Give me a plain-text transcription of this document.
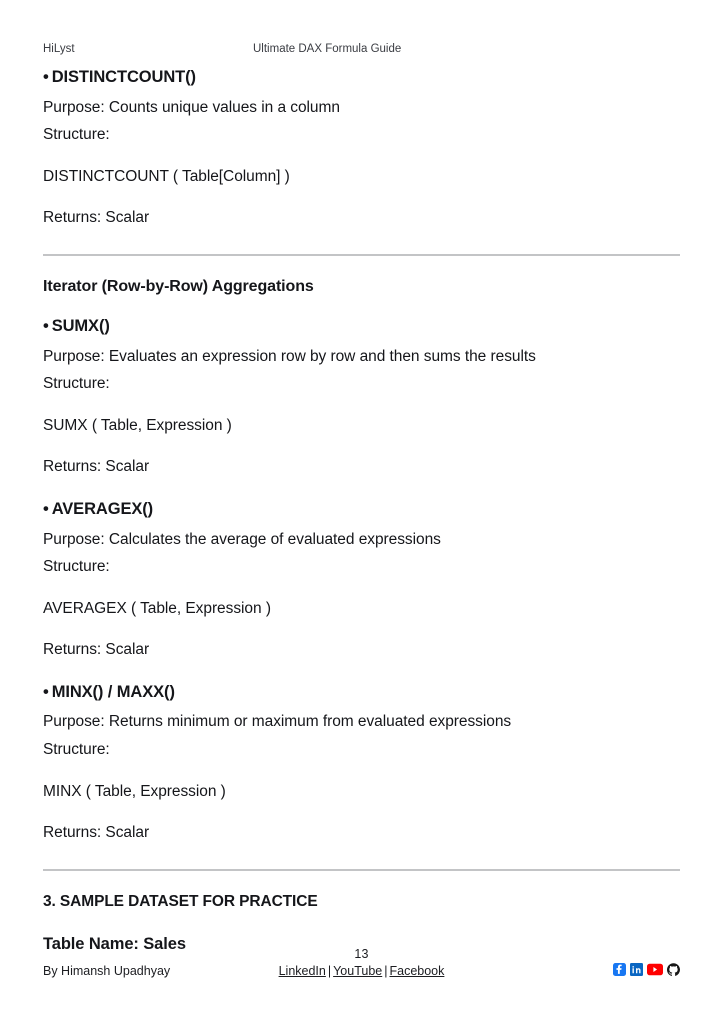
HiLyst	Ultimate DAX Formula Guide

• DISTINCTCOUNT()

Purpose: Counts unique values in a column

Structure:

DISTINCTCOUNT ( Table[Column] )

Returns: Scalar

Iterator (Row-by-Row) Aggregations

• SUMX()

Purpose: Evaluates an expression row by row and then sums the results

Structure:

SUMX ( Table, Expression )

Returns: Scalar

• AVERAGEX()

Purpose: Calculates the average of evaluated expressions

Structure:

AVERAGEX ( Table, Expression )

Returns: Scalar

• MINX() / MAXX()

Purpose: Returns minimum or maximum from evaluated expressions

Structure:

MINX ( Table, Expression )

Returns: Scalar

3. SAMPLE DATASET FOR PRACTICE

Table Name: Sales

By Himansh Upadhyay
13
LinkedIn | YouTube | Facebook
